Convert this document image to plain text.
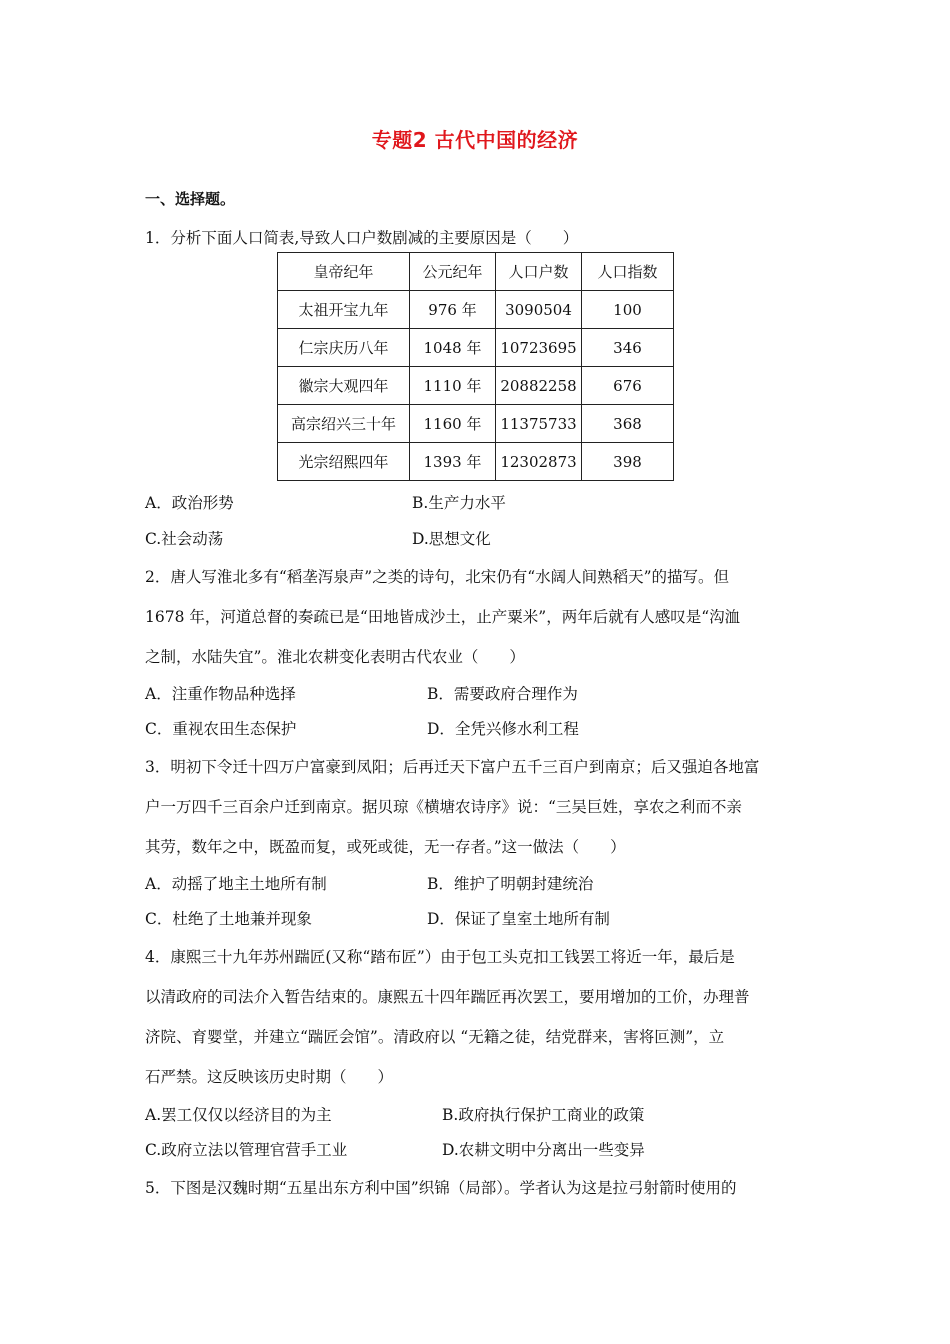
专题2 古代中国的经济
一、选择题。
1．分析下面人口简表,导致人口户数剧减的主要原因是（　　）
皇帝纪年	公元纪年	人口户数	人口指数
太祖开宝九年	976 年	3090504	100
仁宗庆历八年	1048 年	10723695	346
徽宗大观四年	1110 年	20882258	676
高宗绍兴三十年	1160 年	11375733	368
光宗绍熙四年	1393 年	12302873	398
A．政治形势	B.生产力水平
C.社会动荡	D.思想文化
2．唐人写淮北多有“稻垄泻泉声”之类的诗句，北宋仍有“水阔人间熟稻天”的描写。但
1678 年，河道总督的奏疏已是“田地皆成沙土，止产粟米”，两年后就有人感叹是“沟洫
之制，水陆失宜”。淮北农耕变化表明古代农业（　　）
A．注重作物品种选择	B．需要政府合理作为
C．重视农田生态保护	D．全凭兴修水利工程
3．明初下令迁十四万户富豪到凤阳；后再迁天下富户五千三百户到南京；后又强迫各地富
户一万四千三百余户迁到南京。据贝琼《横塘农诗序》说：“三吴巨姓，享农之利而不亲
其劳，数年之中，既盈而复，或死或徙，无一存者。”这一做法（　　）
A．动摇了地主土地所有制	B．维护了明朝封建统治
C．杜绝了土地兼并现象	D．保证了皇室土地所有制
4．康熙三十九年苏州踹匠(又称“踏布匠”）由于包工头克扣工钱罢工将近一年，最后是
以清政府的司法介入暂告结束的。康熙五十四年踹匠再次罢工，要用增加的工价，办理普
济院、育婴堂，并建立“踹匠会馆”。清政府以 “无籍之徒，结党群来，害将叵测”，立
石严禁。这反映该历史时期（　　）
A.罢工仅仅以经济目的为主	B.政府执行保护工商业的政策
C.政府立法以管理官营手工业	D.农耕文明中分离出一些变异
5．下图是汉魏时期“五星出东方利中国”织锦（局部）。学者认为这是拉弓射箭时使用的
